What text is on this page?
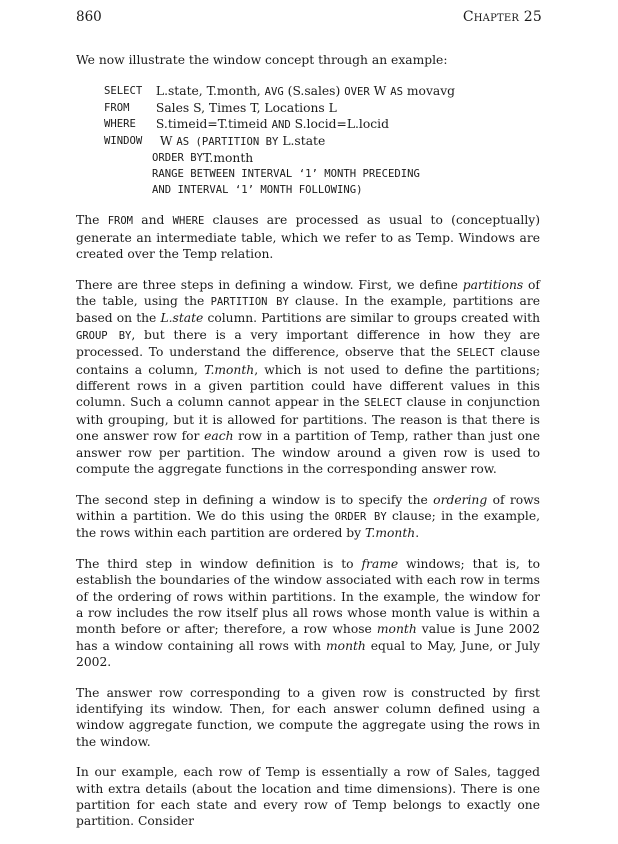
860	Chapter 25

We now illustrate the window concept through an example:

SELECT	L.state, T.month, AVG (S.sales) OVER W AS movavg
FROM	Sales S, Times T, Locations L
WHERE	S.timeid=T.timeid AND S.locid=L.locid
WINDOW	W AS (PARTITION BY L.state
ORDER BY T.month
RANGE BETWEEN INTERVAL ‘1’ MONTH PRECEDING
AND INTERVAL ‘1’ MONTH FOLLOWING)

The FROM and WHERE clauses are processed as usual to (conceptually) generate an intermediate table, which we refer to as Temp. Windows are created over the Temp relation.

There are three steps in defining a window. First, we define partitions of the table, using the PARTITION BY clause. In the example, partitions are based on the L.state column. Partitions are similar to groups created with GROUP BY, but there is a very important difference in how they are processed. To understand the difference, observe that the SELECT clause contains a column, T.month, which is not used to define the partitions; different rows in a given partition could have different values in this column. Such a column cannot appear in the SELECT clause in conjunction with grouping, but it is allowed for partitions. The reason is that there is one answer row for each row in a partition of Temp, rather than just one answer row per partition. The window around a given row is used to compute the aggregate functions in the corresponding answer row.

The second step in defining a window is to specify the ordering of rows within a partition. We do this using the ORDER BY clause; in the example, the rows within each partition are ordered by T.month.

The third step in window definition is to frame windows; that is, to establish the boundaries of the window associated with each row in terms of the ordering of rows within partitions. In the example, the window for a row includes the row itself plus all rows whose month value is within a month before or after; therefore, a row whose month value is June 2002 has a window containing all rows with month equal to May, June, or July 2002.

The answer row corresponding to a given row is constructed by first identifying its window. Then, for each answer column defined using a window aggregate function, we compute the aggregate using the rows in the window.

In our example, each row of Temp is essentially a row of Sales, tagged with extra details (about the location and time dimensions). There is one partition for each state and every row of Temp belongs to exactly one partition. Consider
